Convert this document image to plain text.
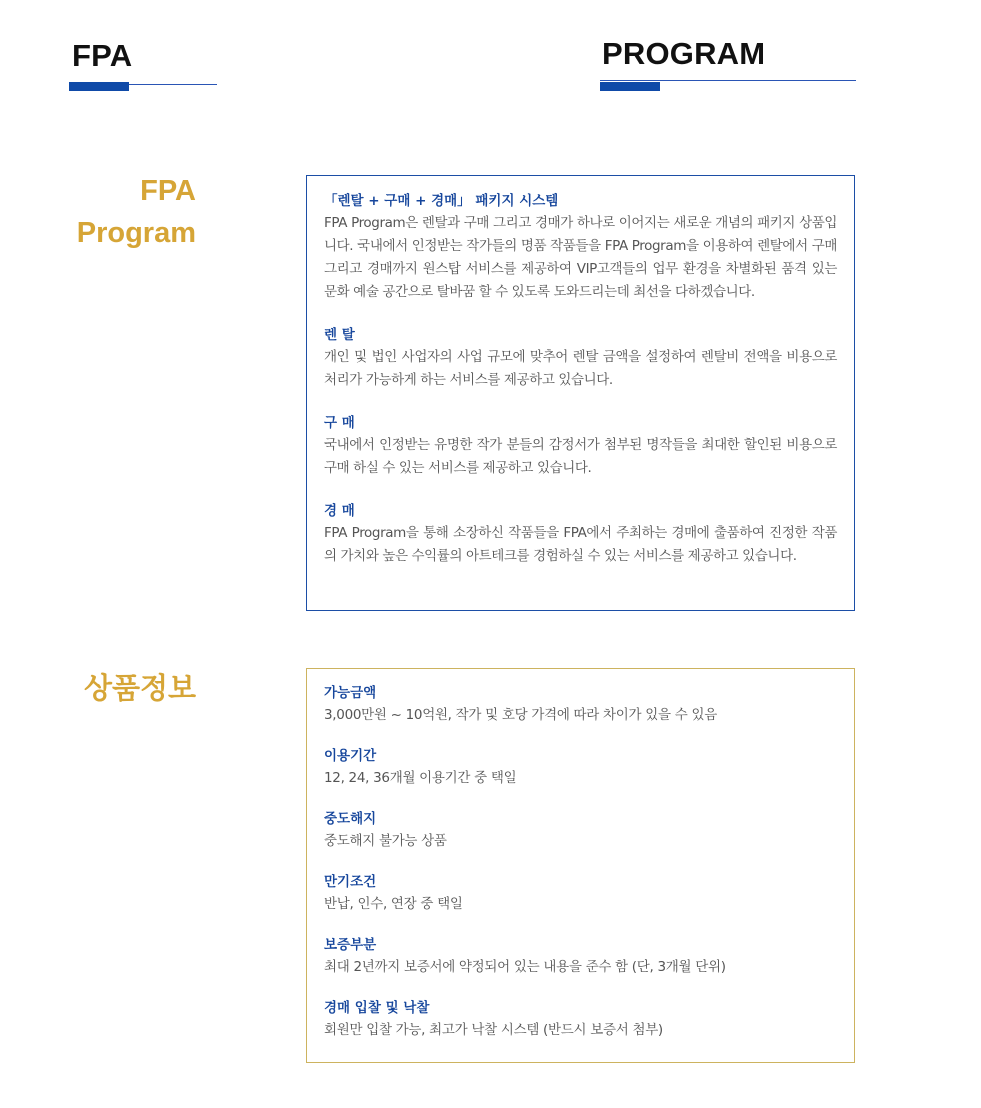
FPA	PROGRAM
FPA
Program
「렌탈 + 구매 + 경매」 패키지 시스템
FPA Program은 렌탈과 구매 그리고 경매가 하나로 이어지는 새로운 개념의 패키지 상품입니다. 국내에서 인정받는 작가들의 명품 작품들을 FPA Program을 이용하여 렌탈에서 구매 그리고 경매까지 원스탑 서비스를 제공하여 VIP고객들의 업무 환경을 차별화된 품격 있는 문화 예술 공간으로 탈바꿈 할 수 있도록 도와드리는데 최선을 다하겠습니다.
렌 탈
개인 및 법인 사업자의 사업 규모에 맞추어 렌탈 금액을 설정하여 렌탈비 전액을 비용으로 처리가 가능하게 하는 서비스를 제공하고 있습니다.
구 매
국내에서 인정받는 유명한 작가 분들의 감정서가 첨부된 명작들을 최대한 할인된 비용으로 구매 하실 수 있는 서비스를 제공하고 있습니다.
경 매
FPA Program을 통해 소장하신 작품들을 FPA에서 주최하는 경매에 출품하여 진정한 작품의 가치와 높은 수익률의 아트테크를 경험하실 수 있는 서비스를 제공하고 있습니다.
상품정보	가능금액
3,000만원 ~ 10억원, 작가 및 호당 가격에 따라 차이가 있을 수 있음
이용기간
12, 24, 36개월 이용기간 중 택일
중도해지
중도해지 불가능 상품
만기조건
반납, 인수, 연장 중 택일
보증부분
최대 2년까지 보증서에 약정되어 있는 내용을 준수 함 (단, 3개월 단위)
경매 입찰 및 낙찰
회원만 입찰 가능, 최고가 낙찰 시스템 (반드시 보증서 첨부)
